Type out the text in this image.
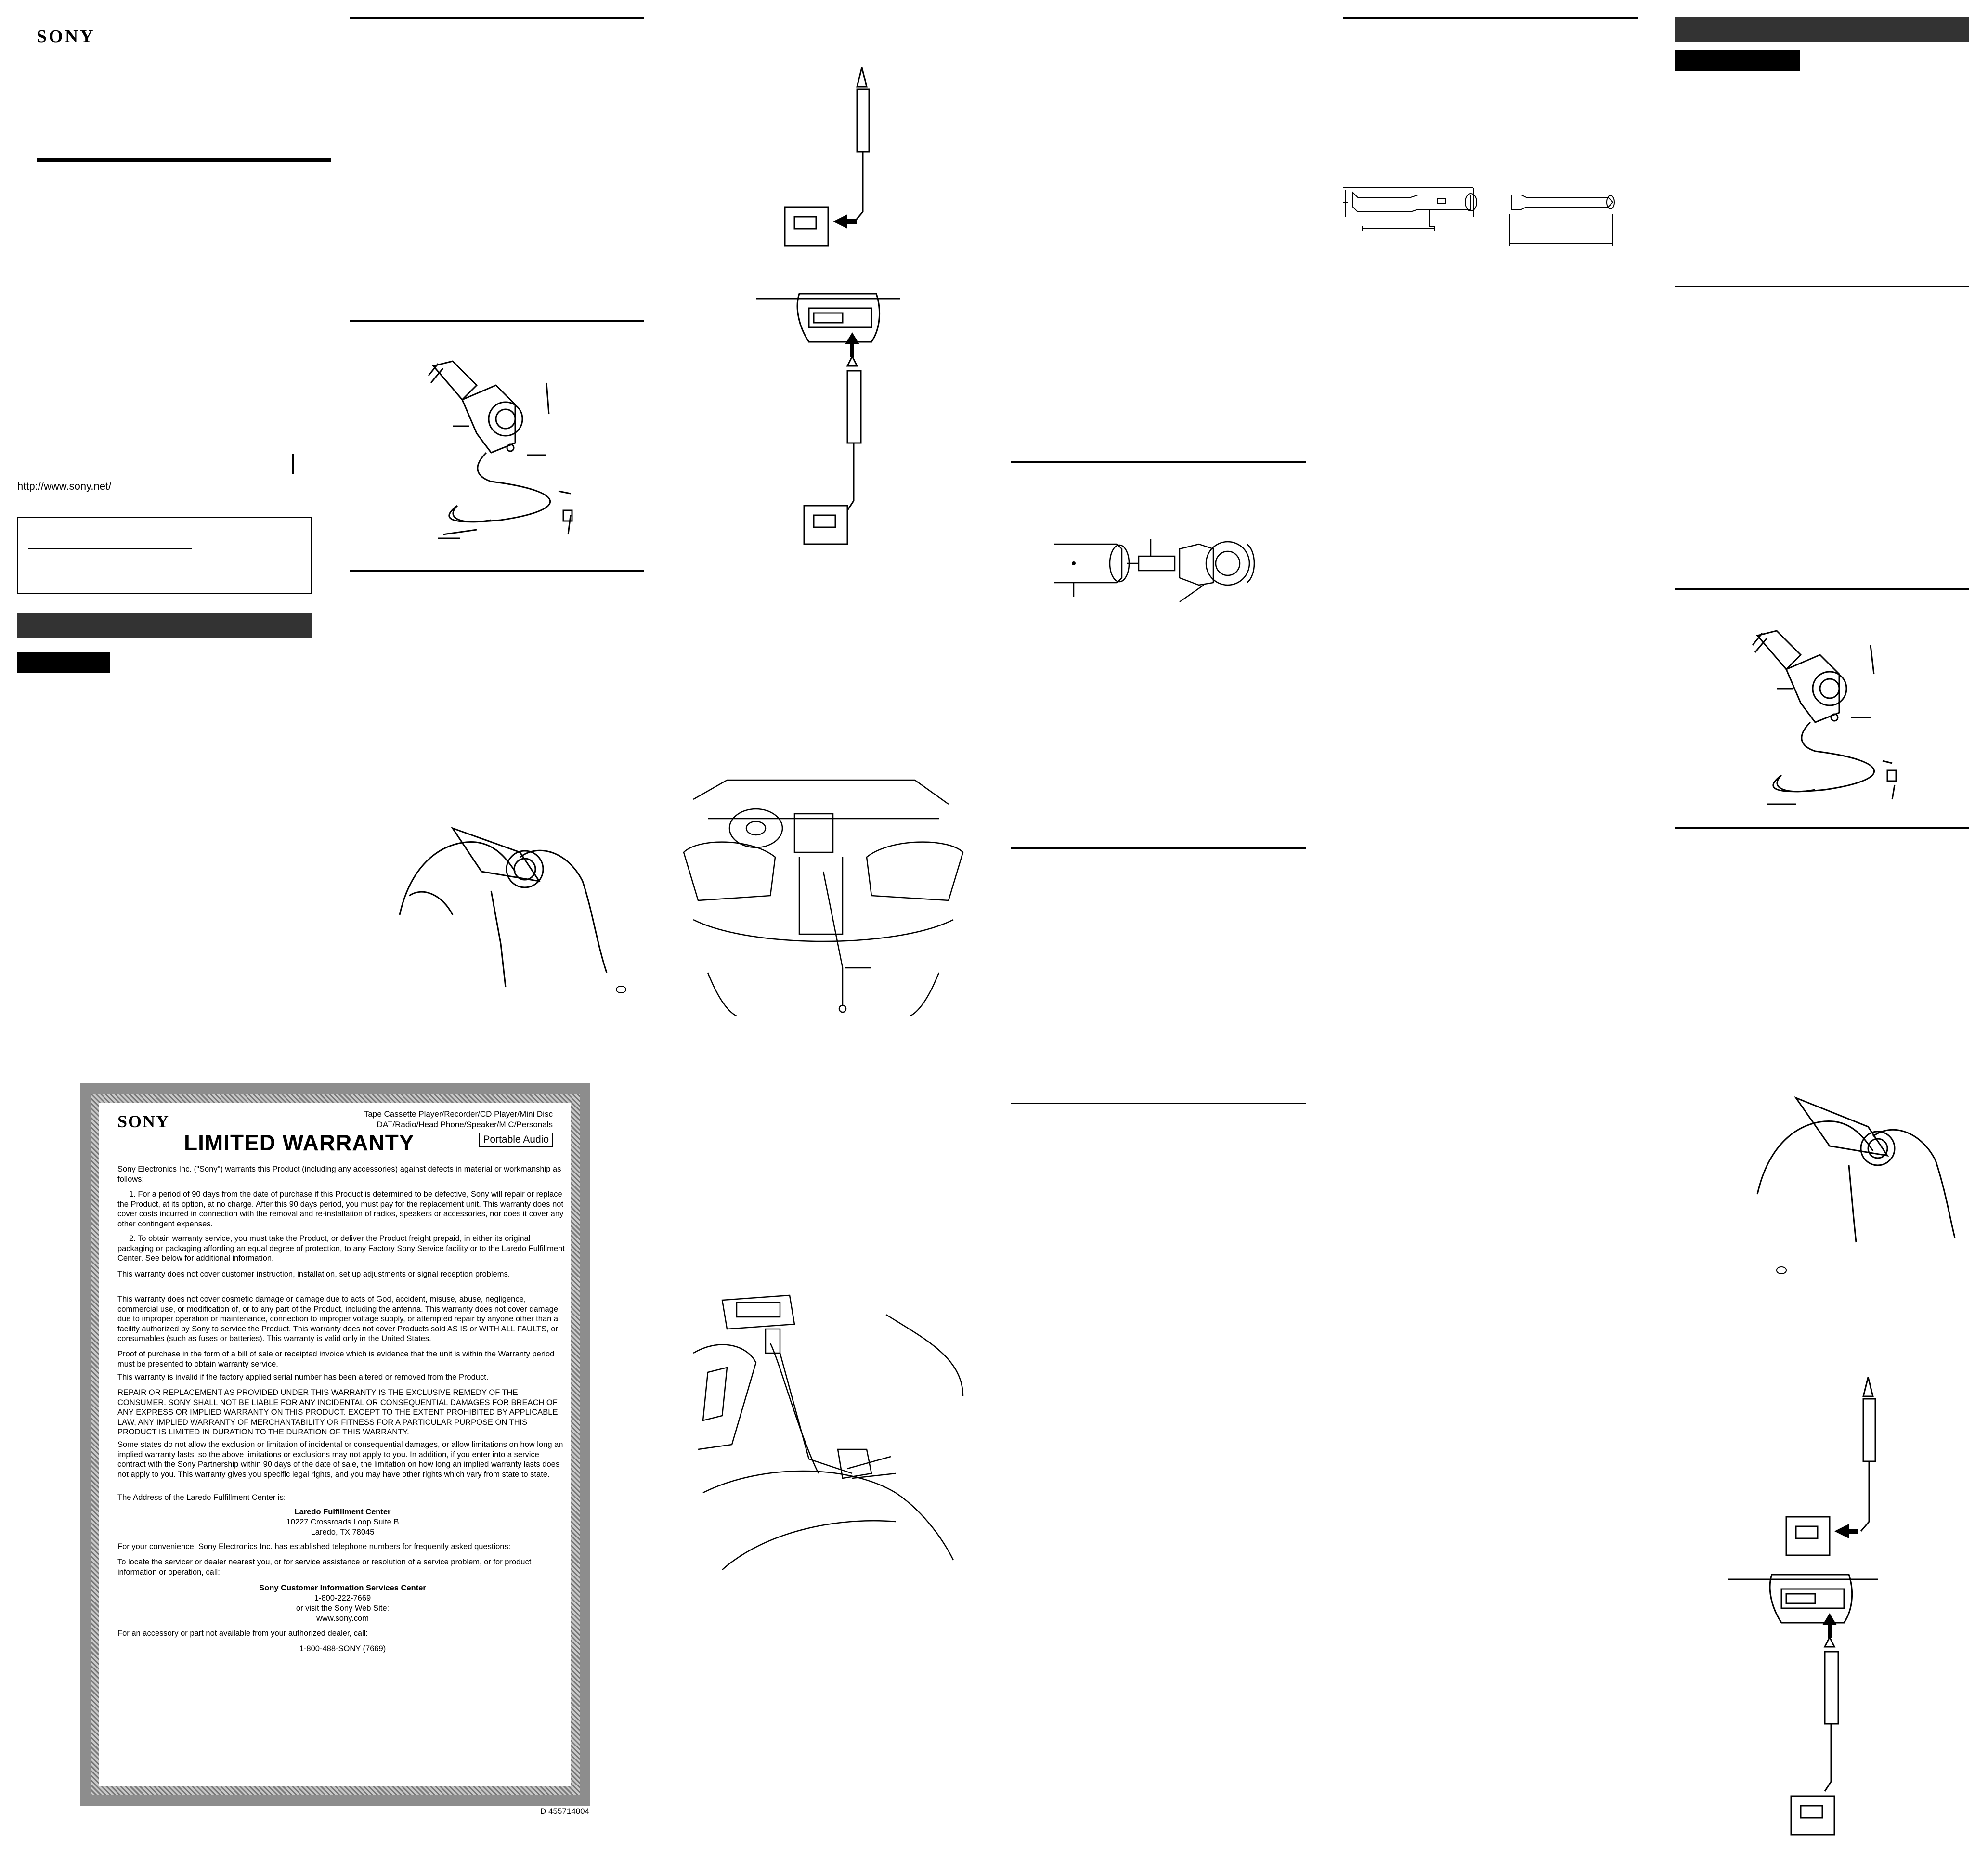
SONY
http://www.sony.net/
SONY	Tape Cassette Player/Recorder/CD Player/Mini Disc
DAT/Radio/Head Phone/Speaker/MIC/Personals
Portable Audio
LIMITED WARRANTY

Sony Electronics Inc. ("Sony") warrants this Product (including any accessories) against defects in material or workmanship as follows:

1. For a period of 90 days from the date of purchase if this Product is determined to be defective, Sony will repair or replace the Product, at its option, at no charge. After this 90 days period, you must pay for the replacement unit. This warranty does not cover costs incurred in connection with the removal and re-installation of radios, speakers or accessories, nor does it cover any other contingent expenses.

2. To obtain warranty service, you must take the Product, or deliver the Product freight prepaid, in either its original packaging or packaging affording an equal degree of protection, to any Factory Sony Service facility or to the Laredo Fulfillment Center. See below for additional information.

This warranty does not cover customer instruction, installation, set up adjustments or signal reception problems.

This warranty does not cover cosmetic damage or damage due to acts of God, accident, misuse, abuse, negligence, commercial use, or modification of, or to any part of the Product, including the antenna. This warranty does not cover damage due to improper operation or maintenance, connection to improper voltage supply, or attempted repair by anyone other than a facility authorized by Sony to service the Product. This warranty does not cover Products sold AS IS or WITH ALL FAULTS, or consumables (such as fuses or batteries). This warranty is valid only in the United States.

Proof of purchase in the form of a bill of sale or receipted invoice which is evidence that the unit is within the Warranty period must be presented to obtain warranty service.

This warranty is invalid if the factory applied serial number has been altered or removed from the Product.

REPAIR OR REPLACEMENT AS PROVIDED UNDER THIS WARRANTY IS THE EXCLUSIVE REMEDY OF THE CONSUMER. SONY SHALL NOT BE LIABLE FOR ANY INCIDENTAL OR CONSEQUENTIAL DAMAGES FOR BREACH OF ANY EXPRESS OR IMPLIED WARRANTY ON THIS PRODUCT. EXCEPT TO THE EXTENT PROHIBITED BY APPLICABLE LAW, ANY IMPLIED WARRANTY OF MERCHANTABILITY OR FITNESS FOR A PARTICULAR PURPOSE ON THIS PRODUCT IS LIMITED IN DURATION TO THE DURATION OF THIS WARRANTY.

Some states do not allow the exclusion or limitation of incidental or consequential damages, or allow limitations on how long an implied warranty lasts, so the above limitations or exclusions may not apply to you. In addition, if you enter into a service contract with the Sony Partnership within 90 days of the date of sale, the limitation on how long an implied warranty lasts does not apply to you. This warranty gives you specific legal rights, and you may have other rights which vary from state to state.

The Address of the Laredo Fulfillment Center is:

Laredo Fulfillment Center

10227 Crossroads Loop Suite B

Laredo, TX 78045

For your convenience, Sony Electronics Inc. has established telephone numbers for frequently asked questions:

To locate the servicer or dealer nearest you, or for service assistance or resolution of a service problem, or for product information or operation, call:

Sony Customer Information Services Center

1-800-222-7669

or visit the Sony Web Site:

www.sony.com

For an accessory or part not available from your authorized dealer, call:

1-800-488-SONY (7669)

D 455714804
